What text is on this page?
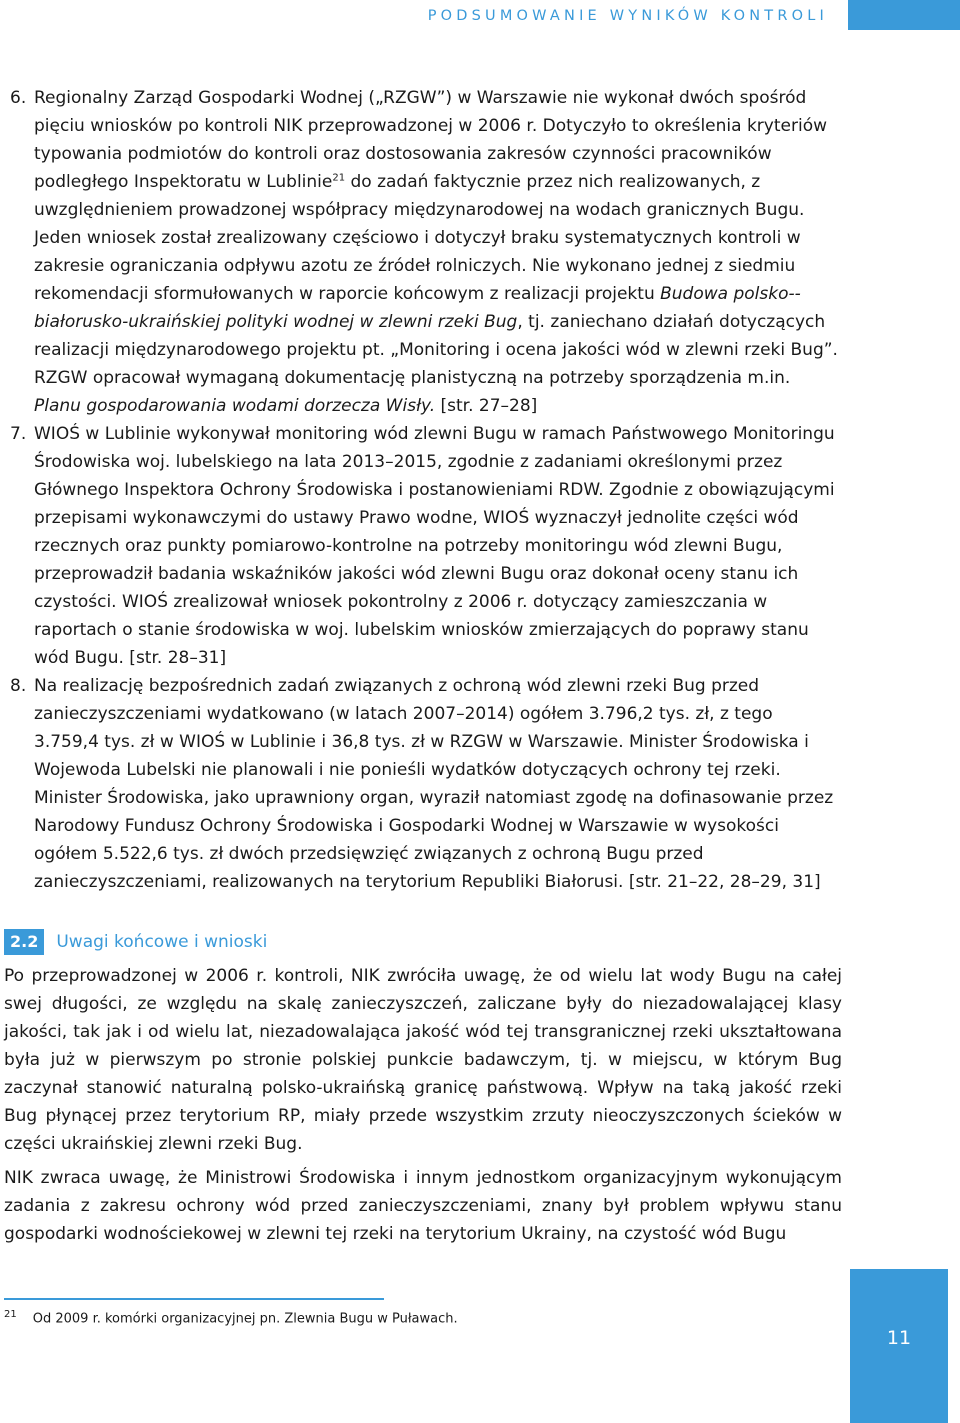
PODSUMOWANIE WYNIKÓW KONTROLI
6. Regionalny Zarząd Gospodarki Wodnej („RZGW”) w Warszawie nie wykonał dwóch spośród pięciu wniosków po kontroli NIK przeprowadzonej w 2006 r. Dotyczyło to określenia kryteriów typowania podmiotów do kontroli oraz dostosowania zakresów czynności pracowników podległego Inspektoratu w Lublinie$^{21}$ do zadań faktycznie przez nich realizowanych, z uwzględnieniem prowadzonej współpracy międzynarodowej na wodach granicznych Bugu. Jeden wniosek został zrealizowany częściowo i dotyczył braku systematycznych kontroli w zakresie ograniczania odpływu azotu ze źródeł rolniczych. Nie wykonano jednej z siedmiu rekomendacji sformułowanych w raporcie końcowym z realizacji projektu Budowa polsko--białorusko-ukraińskiej polityki wodnej w zlewni rzeki Bug, tj. zaniechano działań dotyczących realizacji międzynarodowego projektu pt. „Monitoring i ocena jakości wód w zlewni rzeki Bug”. RZGW opracował wymaganą dokumentację planistyczną na potrzeby sporządzenia m.in. Planu gospodarowania wodami dorzecza Wisły. [str. 27–28]

7. WIOŚ w Lublinie wykonywał monitoring wód zlewni Bugu w ramach Państwowego Monitoringu Środowiska woj. lubelskiego na lata 2013–2015, zgodnie z zadaniami określonymi przez Głównego Inspektora Ochrony Środowiska i postanowieniami RDW. Zgodnie z obowiązującymi przepisami wykonawczymi do ustawy Prawo wodne, WIOŚ wyznaczył jednolite części wód rzecznych oraz punkty pomiarowo-kontrolne na potrzeby monitoringu wód zlewni Bugu, przeprowadził badania wskaźników jakości wód zlewni Bugu oraz dokonał oceny stanu ich czystości. WIOŚ zrealizował wniosek pokontrolny z 2006 r. dotyczący zamieszczania w raportach o stanie środowiska w woj. lubelskim wniosków zmierzających do poprawy stanu wód Bugu. [str. 28–31]

8. Na realizację bezpośrednich zadań związanych z ochroną wód zlewni rzeki Bug przed zanieczyszczeniami wydatkowano (w latach 2007–2014) ogółem 3.796,2 tys. zł, z tego 3.759,4 tys. zł w WIOŚ w Lublinie i 36,8 tys. zł w RZGW w Warszawie. Minister Środowiska i Wojewoda Lubelski nie planowali i nie ponieśli wydatków dotyczących ochrony tej rzeki. Minister Środowiska, jako uprawniony organ, wyraził natomiast zgodę na dofinasowanie przez Narodowy Fundusz Ochrony Środowiska i Gospodarki Wodnej w Warszawie w wysokości ogółem 5.522,6 tys. zł dwóch przedsięwzięć związanych z ochroną Bugu przed zanieczyszczeniami, realizowanych na terytorium Republiki Białorusi. [str. 21–22, 28–29, 31]

2.2	Uwagi końcowe i wnioski

Po przeprowadzonej w 2006 r. kontroli, NIK zwróciła uwagę, że od wielu lat wody Bugu na całej swej długości, ze względu na skalę zanieczyszczeń, zaliczane były do niezadowalającej klasy jakości, tak jak i od wielu lat, niezadowalająca jakość wód tej transgranicznej rzeki ukształtowana była już w pierwszym po stronie polskiej punkcie badawczym, tj. w miejscu, w którym Bug zaczynał stanowić naturalną polsko-ukraińską granicę państwową. Wpływ na taką jakość rzeki Bug płynącej przez terytorium RP, miały przede wszystkim zrzuty nieoczyszczonych ścieków w części ukraińskiej zlewni rzeki Bug.

NIK zwraca uwagę, że Ministrowi Środowiska i innym jednostkom organizacyjnym wykonującym zadania z zakresu ochrony wód przed zanieczyszczeniami, znany był problem wpływu stanu gospodarki wodnościekowej w zlewni tej rzeki na terytorium Ukrainy, na czystość wód Bugu

$^{21}$ Od 2009 r. komórki organizacyjnej pn. Zlewnia Bugu w Puławach.
11
